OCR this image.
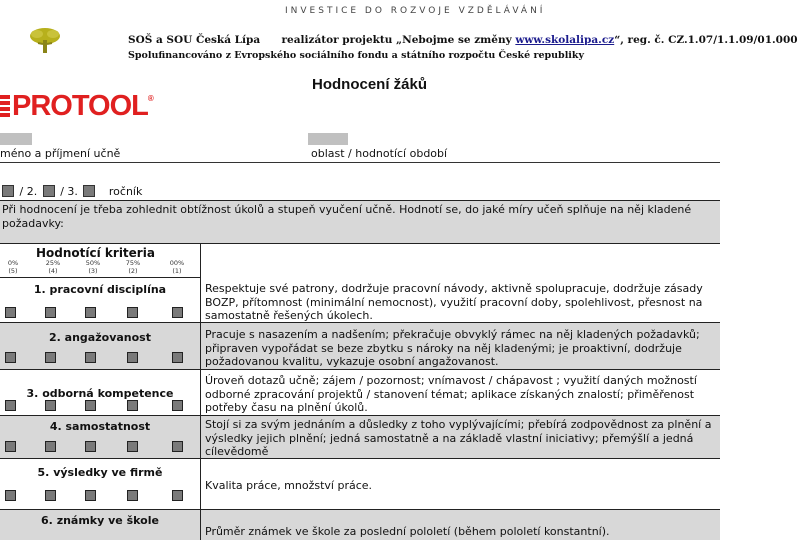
INVESTICE DO ROZVOJE VZDĚLÁVÁNÍ
SOŠ a SOU Česká Lípa realizátor projektu „Nebojme se změny www.skolalipa.cz“, reg. č. CZ.1.07/1.1.09/01.000
Spolufinancováno z Evropského sociálního fondu a státního rozpočtu České republiky
PROTOOL®
Hodnocení žáků
méno a příjmení učně	oblast / hodnotící období
/ 2. / 3.	ročník
Při hodnocení je třeba zohlednit obtížnost úkolů a stupeň vyučení učně. Hodnotí se, do jaké míry učeň splňuje na něj kladené požadavky:
Hodnotící kriteria
0%
(5)
25%
(4)
50%
(3)
75%
(2)
00%
(1)
1. pracovní disciplína
2. angažovanost
3. odborná kompetence
4. samostatnost
5. výsledky ve firmě
6. známky ve škole
Respektuje své patrony, dodržuje pracovní návody, aktivně spolupracuje, dodržuje zásady BOZP, přítomnost (minimální nemocnost), využití pracovní doby, spolehlivost, přesnost na samostatně řešených úkolech.
Pracuje s nasazením a nadšením; překračuje obvyklý rámec na něj kladených požadavků; připraven vypořádat se beze zbytku s nároky na něj kladenými; je proaktivní, dodržuje požadovanou kvalitu, vykazuje osobní angažovanost.
Úroveň dotazů učně; zájem / pozornost; vnímavost / chápavost ; využití daných možností odborné zpracování projektů / stanovení témat; aplikace získaných znalostí; přiměřenost potřeby času na plnění úkolů.
Stojí si za svým jednáním a důsledky z toho vyplývajícími; přebírá zodpovědnost za plnění a výsledky jejich plnění; jedná samostatně a na základě vlastní iniciativy; přemýšlí a jedná cílevědomě
Kvalita práce, množství práce.
Průměr známek ve škole za poslední pololetí (během pololetí konstantní).
